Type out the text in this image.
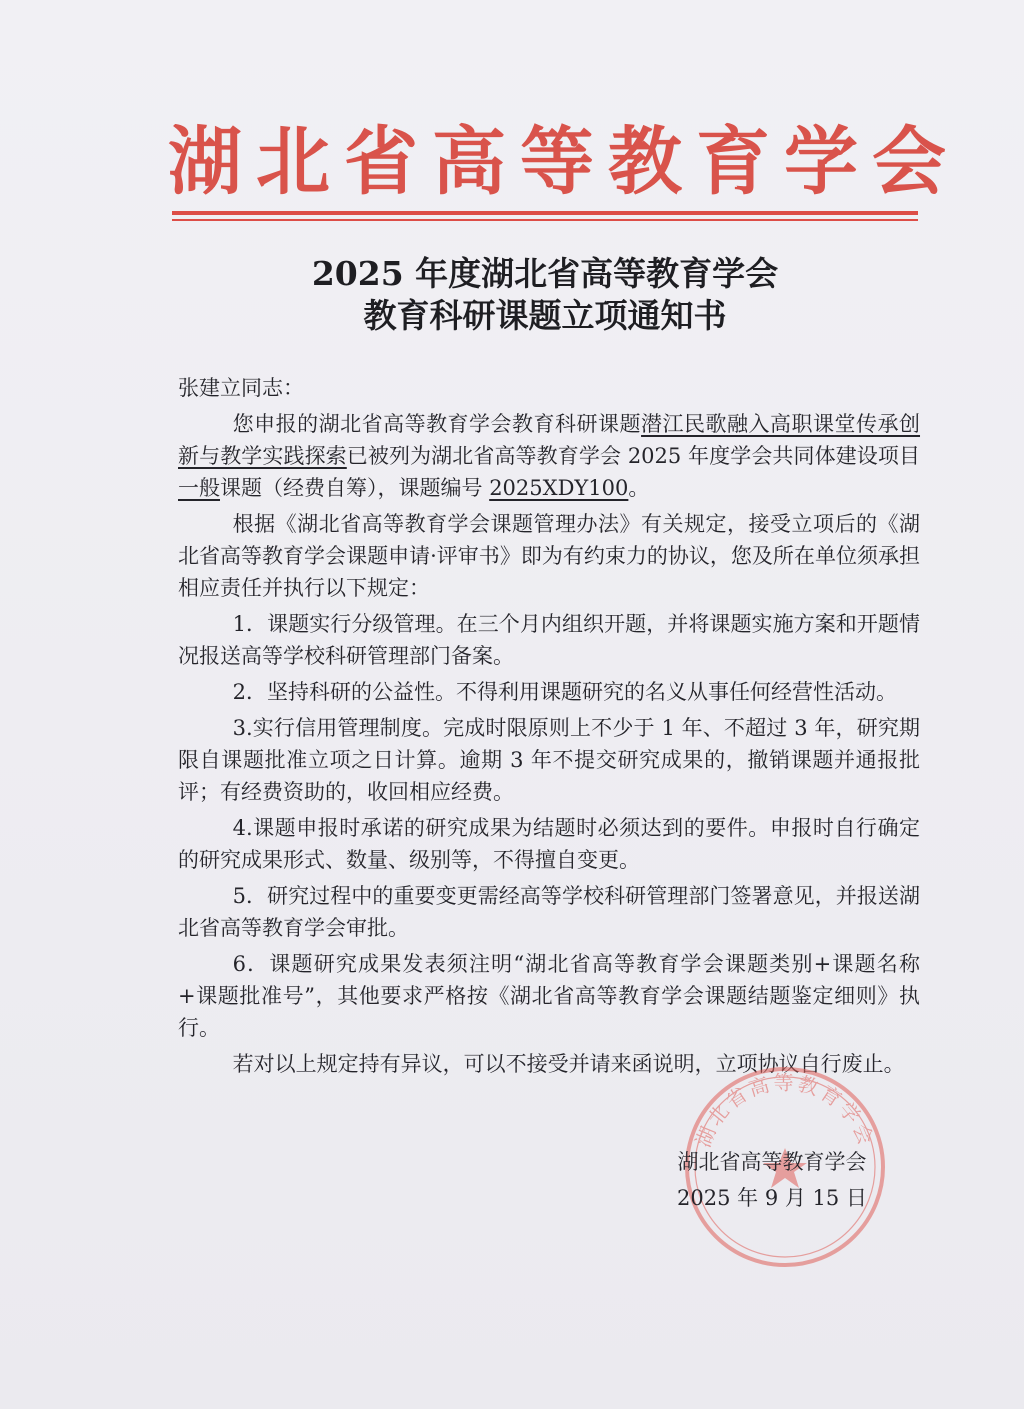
湖北省高等教育学会
2025 年度湖北省高等教育学会
教育科研课题立项通知书

张建立同志：

您申报的湖北省高等教育学会教育科研课题潜江民歌融入高职课堂传承创新与教学实践探索已被列为湖北省高等教育学会 2025 年度学会共同体建设项目一般课题（经费自筹），课题编号 2025XDY100。

根据《湖北省高等教育学会课题管理办法》有关规定，接受立项后的《湖北省高等教育学会课题申请·评审书》即为有约束力的协议，您及所在单位须承担相应责任并执行以下规定：

1．课题实行分级管理。在三个月内组织开题，并将课题实施方案和开题情况报送高等学校科研管理部门备案。

2．坚持科研的公益性。不得利用课题研究的名义从事任何经营性活动。

3.实行信用管理制度。完成时限原则上不少于 1 年、不超过 3 年，研究期限自课题批准立项之日计算。逾期 3 年不提交研究成果的，撤销课题并通报批评；有经费资助的，收回相应经费。

4.课题申报时承诺的研究成果为结题时必须达到的要件。申报时自行确定的研究成果形式、数量、级别等，不得擅自变更。

5．研究过程中的重要变更需经高等学校科研管理部门签署意见，并报送湖北省高等教育学会审批。

6．课题研究成果发表须注明“湖北省高等教育学会课题类别+课题名称+课题批准号”，其他要求严格按《湖北省高等教育学会课题结题鉴定细则》执行。

若对以上规定持有异议，可以不接受并请来函说明，立项协议自行废止。

湖北省高等教育学会
湖北省高等教育学会
2025 年 9 月 15 日
